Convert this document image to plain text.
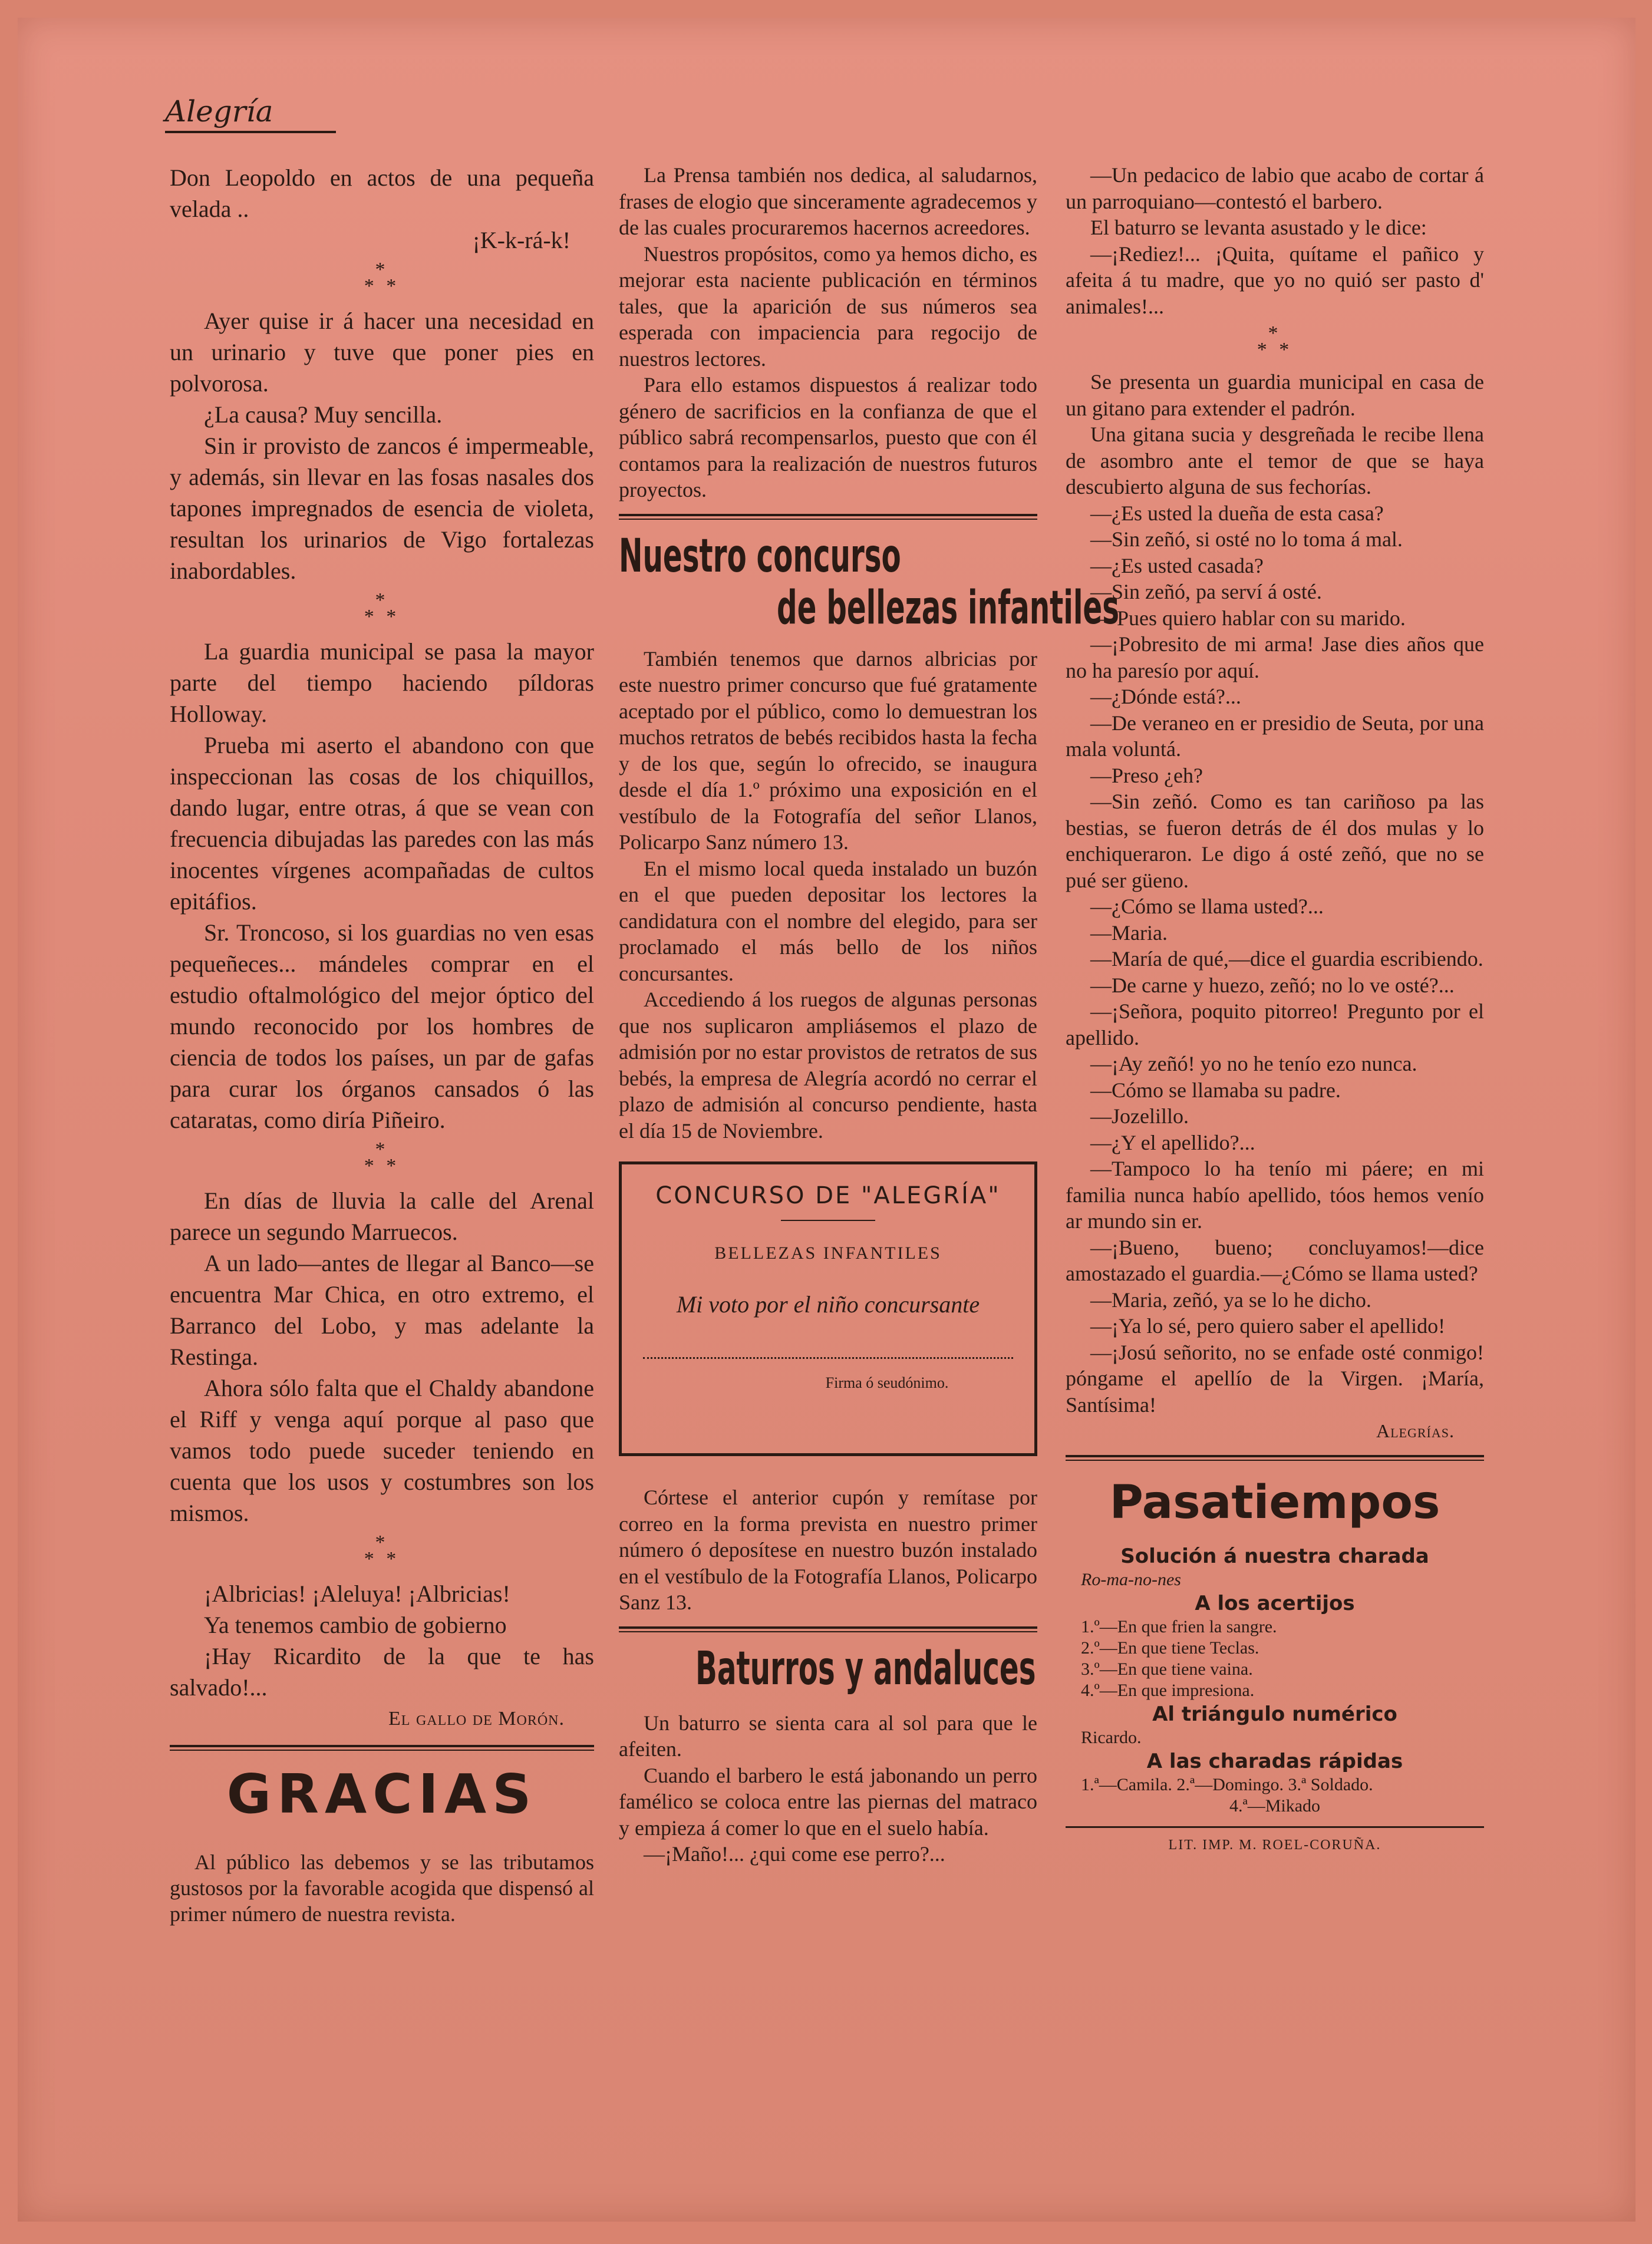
Alegría

Don Leopoldo en actos de una pequeña velada ..

¡K-k-rá-k!

*
* *

Ayer quise ir á hacer una necesidad en un urinario y tuve que poner pies en polvorosa.

¿La causa? Muy sencilla.

Sin ir provisto de zancos é impermeable, y además, sin llevar en las fosas nasales dos tapones impregnados de esencia de violeta, resultan los urinarios de Vigo fortalezas inabordables.

*
* *

La guardia municipal se pasa la mayor parte del tiempo haciendo píldoras Holloway.

Prueba mi aserto el abandono con que inspeccionan las cosas de los chiquillos, dando lugar, entre otras, á que se vean con frecuencia dibujadas las paredes con las más inocentes vírgenes acompañadas de cultos epitáfios.

Sr. Troncoso, si los guardias no ven esas pequeñeces... mándeles comprar en el estudio oftalmológico del mejor óptico del mundo reconocido por los hombres de ciencia de todos los países, un par de gafas para curar los órganos cansados ó las cataratas, como diría Piñeiro.

*
* *

En días de lluvia la calle del Arenal parece un segundo Marruecos.

A un lado—antes de llegar al Banco—se encuentra Mar Chica, en otro extremo, el Barranco del Lobo, y mas adelante la Restinga.

Ahora sólo falta que el Chaldy abandone el Riff y venga aquí porque al paso que vamos todo puede suceder teniendo en cuenta que los usos y costumbres son los mismos.

*
* *

¡Albricias! ¡Aleluya! ¡Albricias!

Ya tenemos cambio de gobierno

¡Hay Ricardito de la que te has salvado!...

El gallo de Morón.

GRACIAS

Al público las debemos y se las tributamos gustosos por la favorable acogida que dispensó al primer número de nuestra revista.

La Prensa también nos dedica, al saludarnos, frases de elogio que sinceramente agradecemos y de las cuales procuraremos hacernos acreedores.

Nuestros propósitos, como ya hemos dicho, es mejorar esta naciente publicación en términos tales, que la aparición de sus números sea esperada con impaciencia para regocijo de nuestros lectores.

Para ello estamos dispuestos á realizar todo género de sacrificios en la confianza de que el público sabrá recompensarlos, puesto que con él contamos para la realización de nuestros futuros proyectos.

Nuestro concurso
de bellezas infantiles

También tenemos que darnos albricias por este nuestro primer concurso que fué gratamente aceptado por el público, como lo demuestran los muchos retratos de bebés recibidos hasta la fecha y de los que, según lo ofrecido, se inaugura desde el día 1.º próximo una exposición en el vestíbulo de la Fotografía del señor Llanos, Policarpo Sanz número 13.

En el mismo local queda instalado un buzón en el que pueden depositar los lectores la candidatura con el nombre del elegido, para ser proclamado el más bello de los niños concursantes.

Accediendo á los ruegos de algunas personas que nos suplicaron ampliásemos el plazo de admisión por no estar provistos de retratos de sus bebés, la empresa de Alegría acordó no cerrar el plazo de admisión al concurso pendiente, hasta el día 15 de Noviembre.

CONCURSO DE "ALEGRÍA"
BELLEZAS INFANTILES
Mi voto por el niño concursante
Firma ó seudónimo.

Córtese el anterior cupón y remítase por correo en la forma prevista en nuestro primer número ó deposítese en nuestro buzón instalado en el vestíbulo de la Fotografía Llanos, Policarpo Sanz 13.

Baturros y andaluces

Un baturro se sienta cara al sol para que le afeiten.

Cuando el barbero le está jabonando un perro famélico se coloca entre las piernas del matraco y empieza á comer lo que en el suelo había.

—¡Maño!... ¿qui come ese perro?...

—Un pedacico de labio que acabo de cortar á un parroquiano—contestó el barbero.

El baturro se levanta asustado y le dice:

—¡Rediez!... ¡Quita, quítame el pañico y afeita á tu madre, que yo no quió ser pasto d' animales!...

*
* *

Se presenta un guardia municipal en casa de un gitano para extender el padrón.

Una gitana sucia y desgreñada le recibe llena de asombro ante el temor de que se haya descubierto alguna de sus fechorías.

—¿Es usted la dueña de esta casa?

—Sin zeñó, si osté no lo toma á mal.

—¿Es usted casada?

—Sin zeñó, pa serví á osté.

— Pues quiero hablar con su marido.

—¡Pobresito de mi arma! Jase dies años que no ha paresío por aquí.

—¿Dónde está?...

—De veraneo en er presidio de Seuta, por una mala voluntá.

—Preso ¿eh?

—Sin zeñó. Como es tan cariñoso pa las bestias, se fueron detrás de él dos mulas y lo enchiqueraron. Le digo á osté zeñó, que no se pué ser güeno.

—¿Cómo se llama usted?...

—Maria.

—María de qué,—dice el guardia escribiendo.

—De carne y huezo, zeñó; no lo ve osté?...

—¡Señora, poquito pitorreo! Pregunto por el apellido.

—¡Ay zeñó! yo no he tenío ezo nunca.

—Cómo se llamaba su padre.

—Jozelillo.

—¿Y el apellido?...

—Tampoco lo ha tenío mi páere; en mi familia nunca habío apellido, tóos hemos venío ar mundo sin er.

—¡Bueno, bueno; concluyamos!—dice amostazado el guardia.—¿Cómo se llama usted?

—Maria, zeñó, ya se lo he dicho.

—¡Ya lo sé, pero quiero saber el apellido!

—¡Josú señorito, no se enfade osté conmigo! póngame el apellío de la Virgen. ¡María, Santísima!

Alegrías.

Pasatiempos

Solución á nuestra charada

Ro-ma-no-nes

A los acertijos

1.º—En que frien la sangre.

2.º—En que tiene Teclas.

3.º—En que tiene vaina.

4.º—En que impresiona.

Al triángulo numérico

Ricardo.

A las charadas rápidas

1.ª—Camila. 2.ª—Domingo. 3.ª Soldado.

4.ª—Mikado

LIT. IMP. M. ROEL-CORUÑA.
